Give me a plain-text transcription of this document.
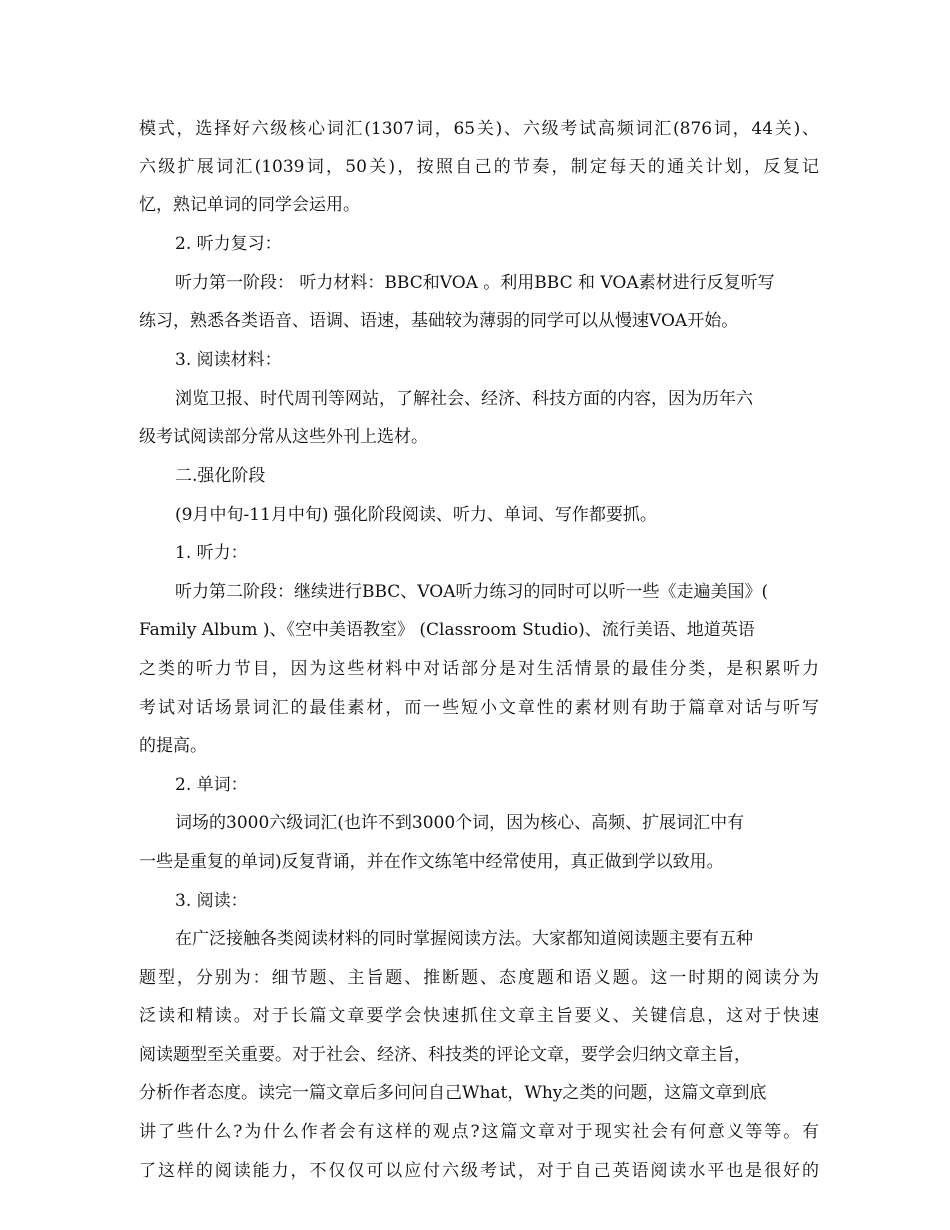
模式，选择好六级核心词汇(1307词，65关)、六级考试高频词汇(876词，44关)、
六级扩展词汇(1039词，50关)，按照自己的节奏，制定每天的通关计划，反复记
忆，熟记单词的同学会运用。
2. 听力复习：
听力第一阶段： 听力材料：BBC和VOA 。利用BBC 和 VOA素材进行反复听写
练习，熟悉各类语音、语调、语速，基础较为薄弱的同学可以从慢速VOA开始。
3. 阅读材料：
浏览卫报、时代周刊等网站，了解社会、经济、科技方面的内容，因为历年六
级考试阅读部分常从这些外刊上选材。
二.强化阶段
(9月中旬-11月中旬) 强化阶段阅读、听力、单词、写作都要抓。
1. 听力：
听力第二阶段：继续进行BBC、VOA听力练习的同时可以听一些《走遍美国》(
Family Album )、《空中美语教室》 (Classroom Studio)、流行美语、地道英语
之类的听力节目，因为这些材料中对话部分是对生活情景的最佳分类，是积累听力
考试对话场景词汇的最佳素材，而一些短小文章性的素材则有助于篇章对话与听写
的提高。
2. 单词：
词场的3000六级词汇(也许不到3000个词，因为核心、高频、扩展词汇中有
一些是重复的单词)反复背诵，并在作文练笔中经常使用，真正做到学以致用。
3. 阅读：
在广泛接触各类阅读材料的同时掌握阅读方法。大家都知道阅读题主要有五种
题型，分别为：细节题、主旨题、推断题、态度题和语义题。这一时期的阅读分为
泛读和精读。对于长篇文章要学会快速抓住文章主旨要义、关键信息，这对于快速
阅读题型至关重要。对于社会、经济、科技类的评论文章，要学会归纳文章主旨，
分析作者态度。读完一篇文章后多问问自己What，Why之类的问题，这篇文章到底
讲了些什么?为什么作者会有这样的观点?这篇文章对于现实社会有何意义等等。有
了这样的阅读能力，不仅仅可以应付六级考试，对于自己英语阅读水平也是很好的
